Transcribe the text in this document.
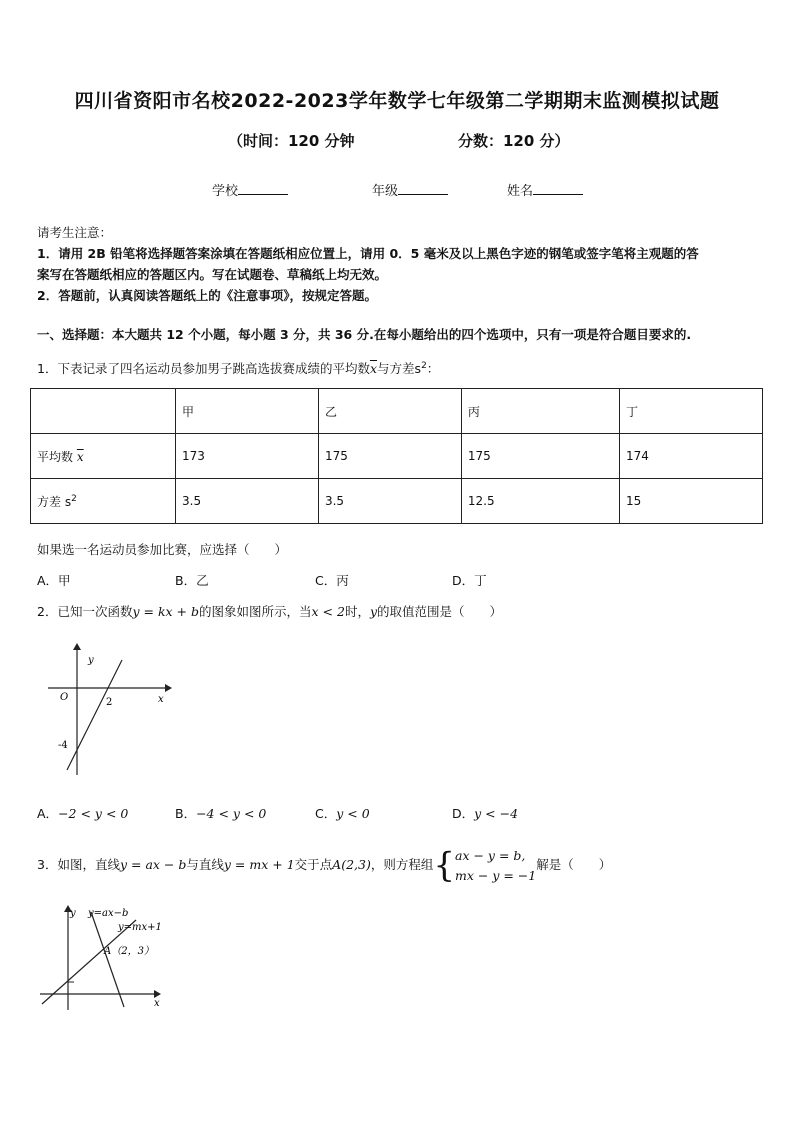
四川省资阳市名校2022-2023学年数学七年级第二学期期末监测模拟试题
（时间：120 分钟	分数：120 分）
学校	年级	姓名
请考生注意：
1．请用 2B 铅笔将选择题答案涂填在答题纸相应位置上，请用 0．5 毫米及以上黑色字迹的钢笔或签字笔将主观题的答
案写在答题纸相应的答题区内。写在试题卷、草稿纸上均无效。
2．答题前，认真阅读答题纸上的《注意事项》，按规定答题。
一、选择题：本大题共 12 个小题，每小题 3 分，共 36 分.在每小题给出的四个选项中，只有一项是符合题目要求的.
1．下表记录了四名运动员参加男子跳高选拔赛成绩的平均数$\overline{x}$与方差$s^2$：
	甲	乙	丙	丁
平均数 $\overline{x}$	173	175	175	174
方差 $s^2$	3.5	3.5	12.5	15
如果选一名运动员参加比赛，应选择（　　）
A．甲	B．乙	C．丙	D．丁
2．已知一次函数y = kx + b的图象如图所示，当x < 2时，y的取值范围是（　　）
y
x
O	2
-4
A．−2 < y < 0	B．−4 < y < 0	C．y < 0	D．y < −4
3．如图，直线y = ax − b与直线y = mx + 1交于点A(2,3)，则方程组{ ax − y = b,
mx − y = −1
解是（　　）
y
x
y=ax−b
y=mx+1
A（2，3）
